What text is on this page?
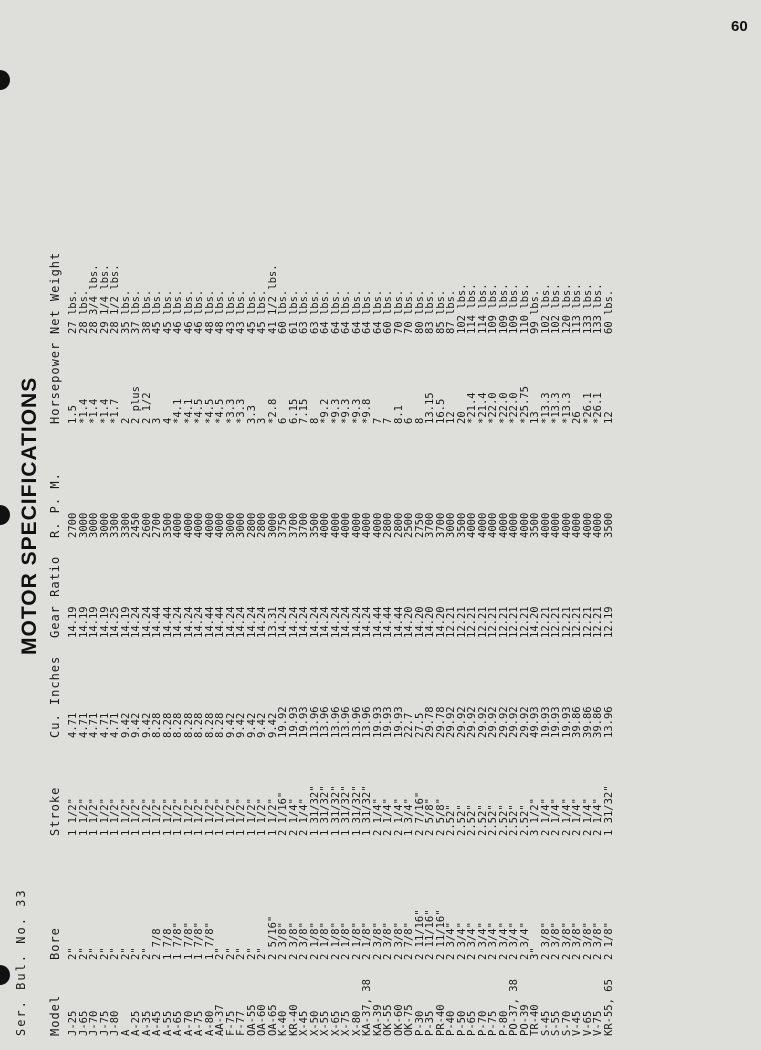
60
Ser. Bul. No. 33
MOTOR SPECIFICATIONS
Model	Bore	Stroke	Cu. Inches	Gear Ratio	R. P. M.	Horsepower	Net Weight
J-25	2"	1 1/2"	4.71	14.19	2700	1.5	27 lbs.
J-65	2"	1 1/2"	4.71	14.19	3000	*1.4	28 lbs.
J-70	2"	1 1/2"	4.71	14.19	3000	*1.4	28 3/4 lbs.
J-75	2"	1 1/2"	4.71	14.19	3000	*1.4	29 1/4 lbs.
J-80	2"	1 1/2"	4.71	14.25	3300	*1.7	28 1/2 lbs.
A	2"	1 1/2"	9.42	14.19	3300	2	35 lbs.
A-25	2"	1 1/2"	9.42	14.24	2450	2 plus	37 lbs.
A-35	2"	1 1/2"	9.42	14.24	2600	2 1/2	38 lbs.
A-45	2 7/8	1 1/2"	8.28	14.44	2700	3	45 lbs.
A-55	1 7/8	1 1/2"	8.28	14.44	3500	4	45 lbs.
A-65	1 7/8"	1 1/2"	8.28	14.24	4000	*4.1	46 lbs.
A-70	1 7/8"	1 1/2"	8.28	14.24	4000	*4.1	46 lbs.
A-75	1 7/8"	1 1/2"	8.28	14.24	4000	*4.5	46 lbs.
A-80	1 7/8"	1 1/2"	8.28	14.44	4000	*4.5	48 lbs.
AA-37	2"	1 1/2"	8.28	14.44	4000	*4.5	48 lbs.
F-75	2"	1 1/2"	9.42	14.24	3000	*3.3	43 lbs.
F-77	2"	1 1/2"	9.42	14.24	3000	*3.3	43 lbs.
OA-55	2"	1 1/2"	9.42	14.24	2800	3.3	45 lbs.
OA-60	2"	1 1/2"	9.42	14.24	2800	3	45 lbs.
OA-65	2 5/16"	1 1/2"	9.42	13.31	3000	*2.8	41 1/2 lbs.
K-40	2 3/8"	2 1/16"	19.92	14.24	3750	6	60 lbs.
KR-40	2 3/8"	2 1/4"	19.93	14.24	3700	6.15	61 lbs.
X-45	2 3/8"	2 1/4"	19.93	14.24	3700	7.15	63 lbs.
X-50	2 1/8"	1 31/32"	13.96	14.24	3500	8	63 lbs.
X-55	2 1/8"	1 31/32"	13.96	14.24	4000	*9.2	64 lbs.
X-65	2 1/8"	1 31/32"	13.96	14.24	4000	*9.3	64 lbs.
X-75	2 1/8"	1 31/32"	13.96	14.24	4000	*9.3	64 lbs.
X-80	2 1/8"	1 31/32"	13.96	14.24	4000	*9.3	64 lbs.
KA-37, 38	2 1/8"	1 31/32"	13.96	14.24	4000	*9.8	64 lbs.
KA-39	2 3/8"	2 1/4"	19.93	14.44	4000	7	64 lbs.
OK-55	2 3/8"	2 1/4"	19.93	14.44	2800	7	60 lbs.
OK-60	2 3/8"	2 1/4"	19.93	14.44	2800	8.1	70 lbs.
OK-75	2 7/8"	1 3/4"	22.7	14.20	2500	6	70 lbs.
P-30	2 11/16"	2 7/16"	27.5	14.20	2750	8	80 lbs.
P-35	2 11/16"	2 5/8"	29.78	14.20	3700	13.15	83 lbs.
PR-40	2 11/16"	2 5/8"	29.78	14.20	3700	16.5	85 lbs.
P-40	2 3/4"	2.52"	29.92	12.21	3000	12	87 lbs.
P-50	2 3/4"	2.52"	29.92	12.21	3500	20	102 lbs.
P-65	2 3/4"	2.52"	29.92	12.21	4000	*21.4	114 lbs.
P-70	2 3/4"	2.52"	29.92	12.21	4000	*21.4	114 lbs.
P-75	2 3/4"	2.52"	29.92	12.21	4000	*22.0	109 lbs.
P-80	2 3/4"	2.52"	29.92	12.21	4000	*22.0	109 lbs.
PO-37, 38	2 3/4"	2.52"	29.92	12.21	4000	*22.0	109 lbs.
PO-39	2 3/4"	2.52"	29.92	12.21	4000	*25.75	110 lbs.
TR-40	3"	3 1/2"	49.93	14.20	3500	13	99 lbs.
S-45	2 3/8"	2 1/4"	19.93	12.21	4000	*13.3	102 lbs.
S-55	2 3/8"	2 1/4"	19.93	12.21	4000	*13.3	102 lbs.
S-70	2 3/8"	2 1/4"	19.93	12.21	4000	*13.3	120 lbs.
V-45	2 3/8"	2 1/4"	39.86	12.21	4000	26	113 lbs.
V-65	2 3/8"	2 1/4"	39.86	12.21	4000	*26.1	133 lbs.
V-75	2 3/8"	2 1/4"	39.86	12.21	4000	*26.1	133 lbs.
KR-55, 65	2 1/8"	1 31/32"	13.96	12.19	3500	12	60 lbs.
